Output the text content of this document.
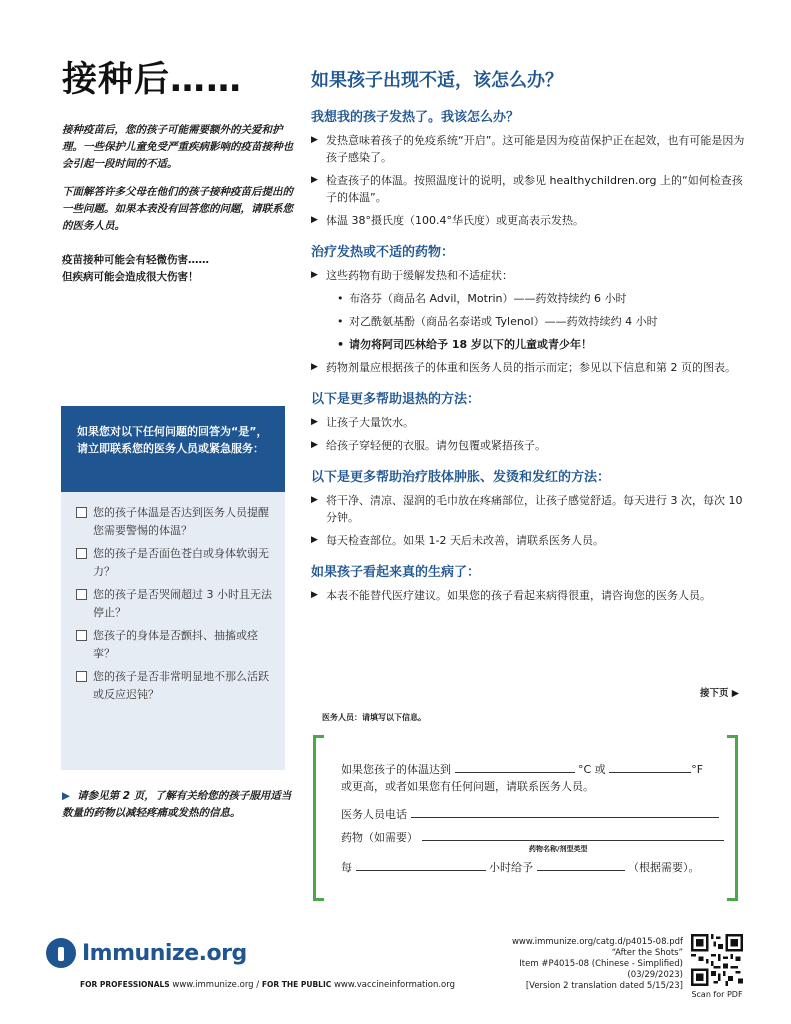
接种后……

接种疫苗后，您的孩子可能需要额外的关爱和护理。一些保护儿童免受严重疾病影响的疫苗接种也会引起一段时间的不适。

下面解答许多父母在他们的孩子接种疫苗后提出的一些问题。如果本表没有回答您的问题，请联系您的医务人员。

疫苗接种可能会有轻微伤害……
但疾病可能会造成很大伤害！
如果您对以下任何问题的回答为“是”，请立即联系您的医务人员或紧急服务：
您的孩子体温是否达到医务人员提醒您需要警惕的体温？
您的孩子是否面色苍白或身体软弱无力？
您的孩子是否哭闹超过 3 小时且无法停止？
您孩子的身体是否颤抖、抽搐或痉挛？
您的孩子是否非常明显地不那么活跃或反应迟钝？
▶ 请参见第 2 页，了解有关给您的孩子服用适当数量的药物以减轻疼痛或发热的信息。
如果孩子出现不适，该怎么办？
我想我的孩子发热了。我该怎么办？
▶ 发热意味着孩子的免疫系统“开启”。这可能是因为疫苗保护正在起效，也有可能是因为孩子感染了。
▶ 检查孩子的体温。按照温度计的说明，或参见 healthychildren.org 上的“如何检查孩子的体温”。
▶ 体温 38°摄氏度（100.4°华氏度）或更高表示发热。
治疗发热或不适的药物：
▶ 这些药物有助于缓解发热和不适症状：
• 布洛芬（商品名 Advil，Motrin）——药效持续约 6 小时
• 对乙酰氨基酚（商品名泰诺或 Tylenol）——药效持续约 4 小时
• 请勿将阿司匹林给予 18 岁以下的儿童或青少年！
▶ 药物剂量应根据孩子的体重和医务人员的指示而定；参见以下信息和第 2 页的图表。
以下是更多帮助退热的方法：
▶ 让孩子大量饮水。
▶ 给孩子穿轻便的衣服。请勿包覆或紧捂孩子。
以下是更多帮助治疗肢体肿胀、发烫和发红的方法：
▶ 将干净、清凉、湿润的毛巾放在疼痛部位，让孩子感觉舒适。每天进行 3 次，每次 10 分钟。
▶ 每天检查部位。如果 1-2 天后未改善，请联系医务人员。
如果孩子看起来真的生病了：
▶ 本表不能替代医疗建议。如果您的孩子看起来病得很重，请咨询您的医务人员。
接下页 ▶
医务人员：请填写以下信息。
如果您孩子的体温达到	°C 或	°F
或更高，或者如果您有任何问题，请联系医务人员。
医务人员电话
药物（如需要）
药物名称/剂型类型
每	小时给予	（根据需要）。
Immunize.org
FOR PROFESSIONALS www.immunize.org / FOR THE PUBLIC www.vaccineinformation.org
www.immunize.org/catg.d/p4015-08.pdf
“After the Shots”
Item #P4015-08 (Chinese - Simplified)
(03/29/2023)
[Version 2 translation dated 5/15/23]
Scan for PDF
